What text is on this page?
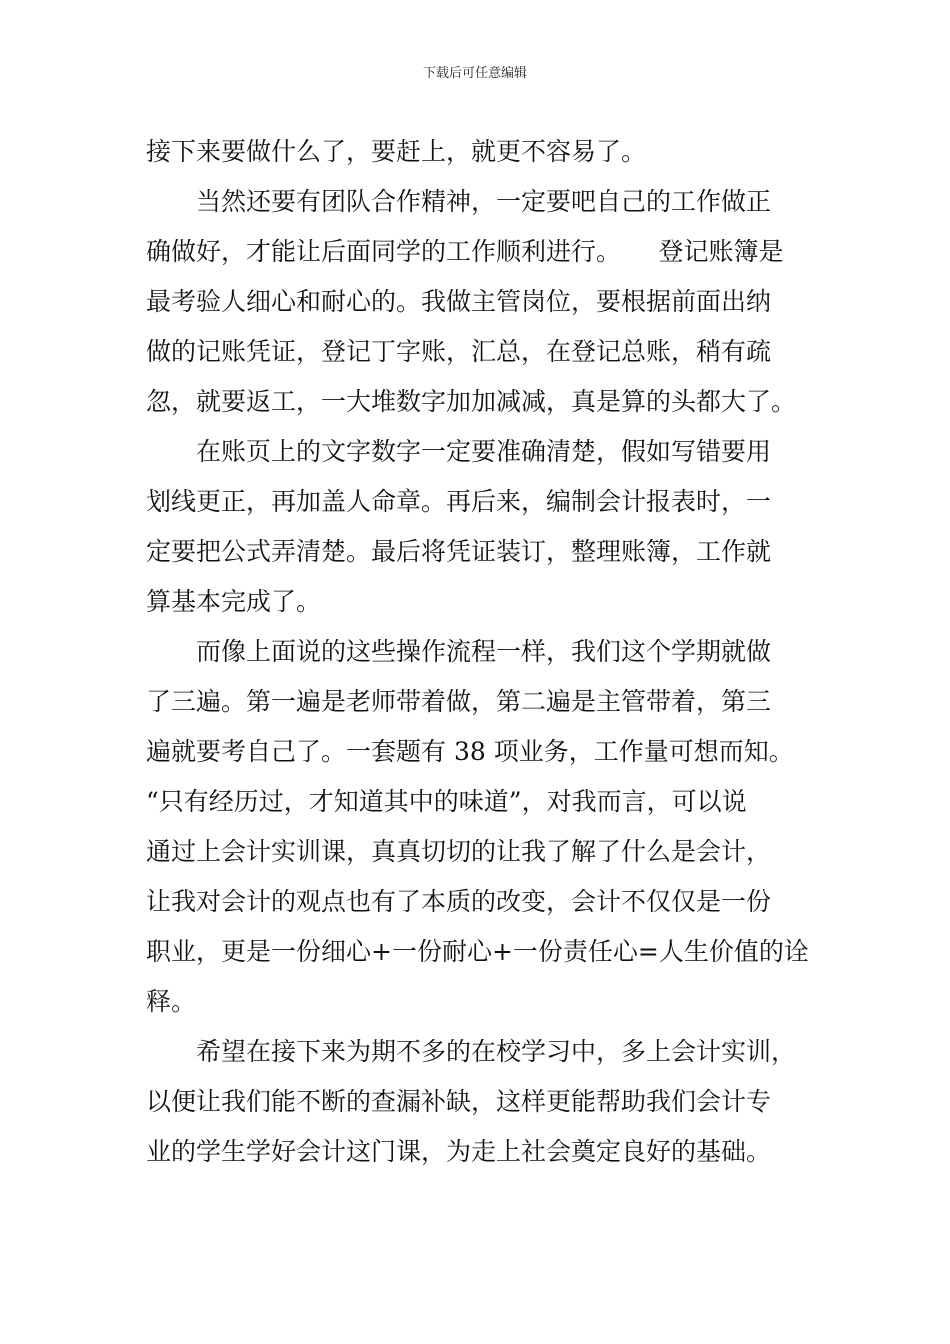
下载后可任意编辑
接下来要做什么了，要赶上，就更不容易了。
　　当然还要有团队合作精神，一定要吧自己的工作做正
确做好，才能让后面同学的工作顺利进行。　　登记账簿是
最考验人细心和耐心的。我做主管岗位，要根据前面出纳
做的记账凭证，登记丁字账，汇总，在登记总账，稍有疏
忽，就要返工，一大堆数字加加减减，真是算的头都大了。
　　在账页上的文字数字一定要准确清楚，假如写错要用
划线更正，再加盖人命章。再后来，编制会计报表时，一
定要把公式弄清楚。最后将凭证装订，整理账簿，工作就
算基本完成了。
　　而像上面说的这些操作流程一样，我们这个学期就做
了三遍。第一遍是老师带着做，第二遍是主管带着，第三
遍就要考自己了。一套题有 38 项业务，工作量可想而知。
“只有经历过，才知道其中的味道”，对我而言，可以说
通过上会计实训课，真真切切的让我了解了什么是会计，
让我对会计的观点也有了本质的改变，会计不仅仅是一份
职业，更是一份细心+一份耐心+一份责任心=人生价值的诠
释。
　　希望在接下来为期不多的在校学习中，多上会计实训，
以便让我们能不断的查漏补缺，这样更能帮助我们会计专
业的学生学好会计这门课，为走上社会奠定良好的基础。
